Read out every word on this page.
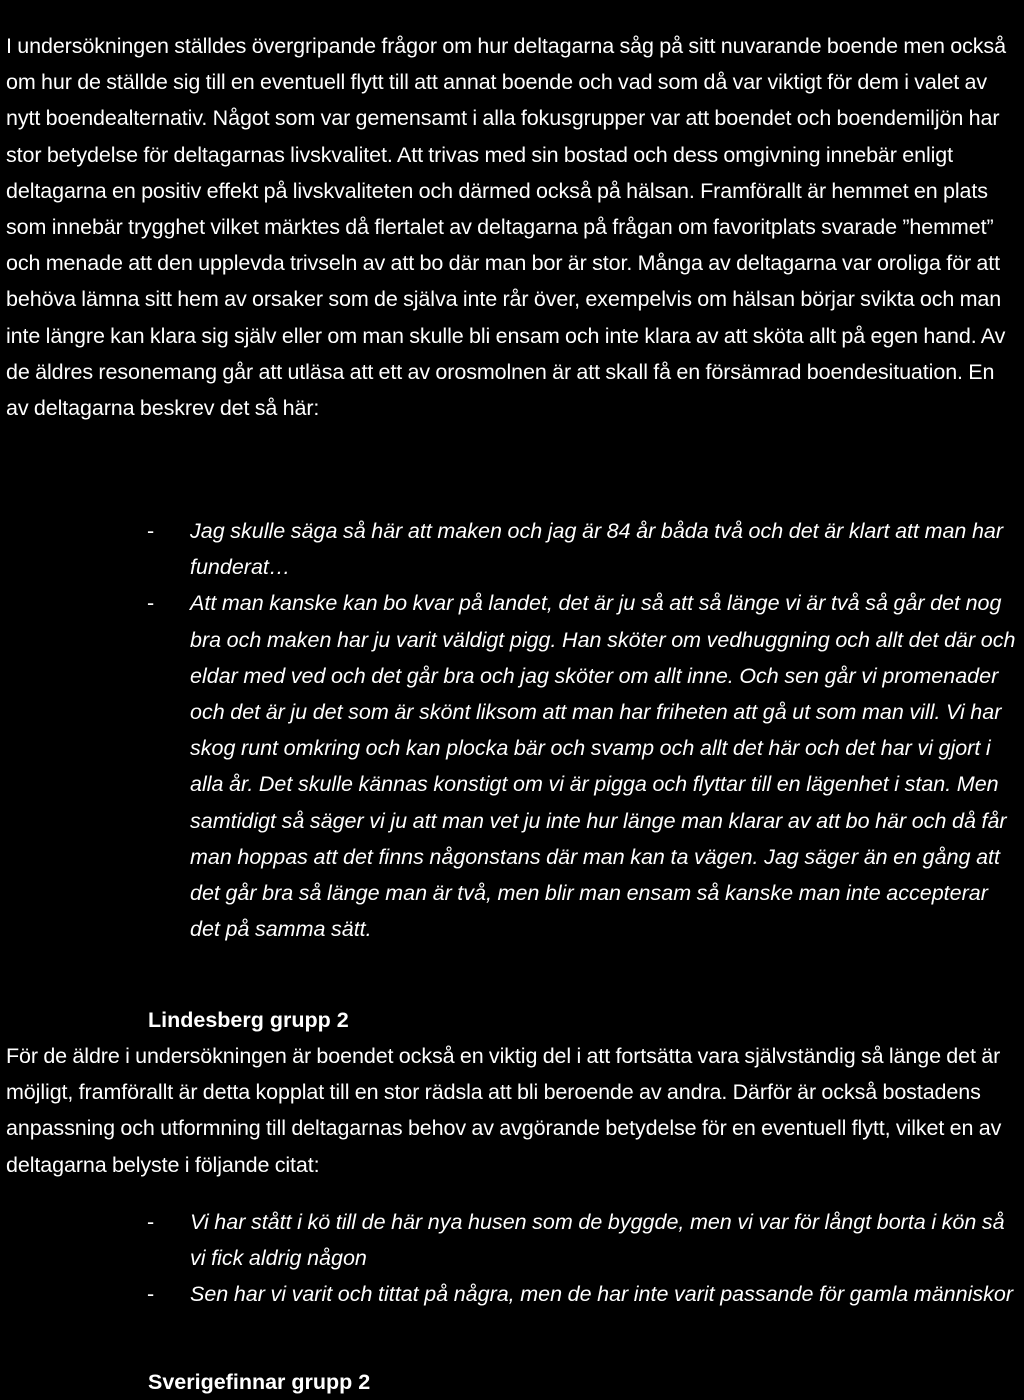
I undersökningen ställdes övergripande frågor om hur deltagarna såg på sitt nuvarande boende men också om hur de ställde sig till en eventuell flytt till att annat boende och vad som då var viktigt för dem i valet av nytt boendealternativ. Något som var gemensamt i alla fokusgrupper var att boendet och boendemiljön har stor betydelse för deltagarnas livskvalitet. Att trivas med sin bostad och dess omgivning innebär enligt deltagarna en positiv effekt på livskvaliteten och därmed också på hälsan. Framförallt är hemmet en plats som innebär trygghet vilket märktes då flertalet av deltagarna på frågan om favoritplats svarade ”hemmet” och menade att den upplevda trivseln av att bo där man bor är stor. Många av deltagarna var oroliga för att behöva lämna sitt hem av orsaker som de själva inte rår över, exempelvis om hälsan börjar svikta och man inte längre kan klara sig själv eller om man skulle bli ensam och inte klara av att sköta allt på egen hand. Av de äldres resonemang går att utläsa att ett av orosmolnen är att skall få en försämrad boendesituation. En av deltagarna beskrev det så här:

- Jag skulle säga så här att maken och jag är 84 år båda två och det är klart att man har funderat…
- Att man kanske kan bo kvar på landet, det är ju så att så länge vi är två så går det nog bra och maken har ju varit väldigt pigg. Han sköter om vedhuggning och allt det där och eldar med ved och det går bra och jag sköter om allt inne. Och sen går vi promenader och det är ju det som är skönt liksom att man har friheten att gå ut som man vill. Vi har skog runt omkring och kan plocka bär och svamp och allt det här och det har vi gjort i alla år. Det skulle kännas konstigt om vi är pigga och flyttar till en lägenhet i stan. Men samtidigt så säger vi ju att man vet ju inte hur länge man klarar av att bo här och då får man hoppas att det finns någonstans där man kan ta vägen. Jag säger än en gång att det går bra så länge man är två, men blir man ensam så kanske man inte accepterar det på samma sätt.

Lindesberg grupp 2

För de äldre i undersökningen är boendet också en viktig del i att fortsätta vara självständig så länge det är möjligt, framförallt är detta kopplat till en stor rädsla att bli beroende av andra. Därför är också bostadens anpassning och utformning till deltagarnas behov av avgörande betydelse för en eventuell flytt, vilket en av deltagarna belyste i följande citat:

- Vi har stått i kö till de här nya husen som de byggde, men vi var för långt borta i kön så vi fick aldrig någon
- Sen har vi varit och tittat på några, men de har inte varit passande för gamla människor

Sverigefinnar grupp 2
